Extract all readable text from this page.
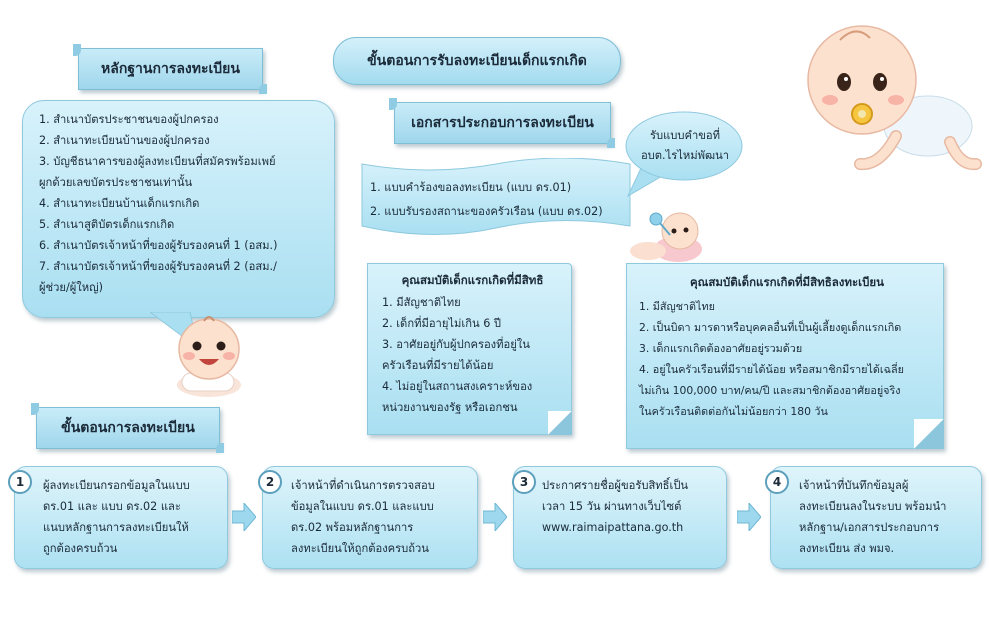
ขั้นตอนการรับลงทะเบียนเด็กแรกเกิด
หลักฐานการลงทะเบียน
1. สำเนาบัตรประชาชนของผู้ปกครอง
2. สำเนาทะเบียนบ้านของผู้ปกครอง
3. บัญชีธนาคารของผู้ลงทะเบียนที่สมัครพร้อมเพย์
ผูกด้วยเลขบัตรประชาชนเท่านั้น
4. สำเนาทะเบียนบ้านเด็กแรกเกิด
5. สำเนาสูติบัตรเด็กแรกเกิด
6. สำเนาบัตรเจ้าหน้าที่ของผู้รับรองคนที่ 1 (อสม.)
7. สำเนาบัตรเจ้าหน้าที่ของผู้รับรองคนที่ 2 (อสม./
ผู้ช่วย/ผู้ใหญ่)
เอกสารประกอบการลงทะเบียน
1. แบบคำร้องขอลงทะเบียน (แบบ ดร.01)
2. แบบรับรองสถานะของครัวเรือน (แบบ ดร.02)
รับแบบคำขอที่
อบต.ไรไหม่พัฒนา
คุณสมบัติเด็กแรกเกิดที่มีสิทธิ
1. มีสัญชาติไทย
2. เด็กที่มีอายุไม่เกิน 6 ปี
3. อาศัยอยู่กับผู้ปกครองที่อยู่ใน
ครัวเรือนที่มีรายได้น้อย
4. ไม่อยู่ในสถานสงเคราะห์ของ
หน่วยงานของรัฐ หรือเอกชน
คุณสมบัติเด็กแรกเกิดที่มีสิทธิลงทะเบียน
1. มีสัญชาติไทย
2. เป็นบิดา มารดาหรือบุคคลอื่นที่เป็นผู้เลี้ยงดูเด็กแรกเกิด
3. เด็กแรกเกิดต้องอาศัยอยู่รวมด้วย
4. อยู่ในครัวเรือนที่มีรายได้น้อย หรือสมาชิกมีรายได้เฉลี่ย
ไม่เกิน 100,000 บาท/คน/ปี และสมาชิกต้องอาศัยอยู่จริง
ในครัวเรือนติดต่อกันไม่น้อยกว่า 180 วัน
ขั้นตอนการลงทะเบียน
ผู้ลงทะเบียนกรอกข้อมูลในแบบ
ดร.01 และ แบบ ดร.02 และ
แนบหลักฐานการลงทะเบียนให้
ถูกต้องครบถ้วน
1	เจ้าหน้าที่ดำเนินการตรวจสอบ
ข้อมูลในแบบ ดร.01 และแบบ
ดร.02 พร้อมหลักฐานการ
ลงทะเบียนให้ถูกต้องครบถ้วน
2	ประกาศรายชื่อผู้ขอรับสิทธิ์เป็น
เวลา 15 วัน ผ่านทางเว็บไซต์
www.raimaipattana.go.th
3	เจ้าหน้าที่บันทึกข้อมูลผู้
ลงทะเบียนลงในระบบ พร้อมนำ
หลักฐาน/เอกสารประกอบการ
ลงทะเบียน ส่ง พมจ.
4
